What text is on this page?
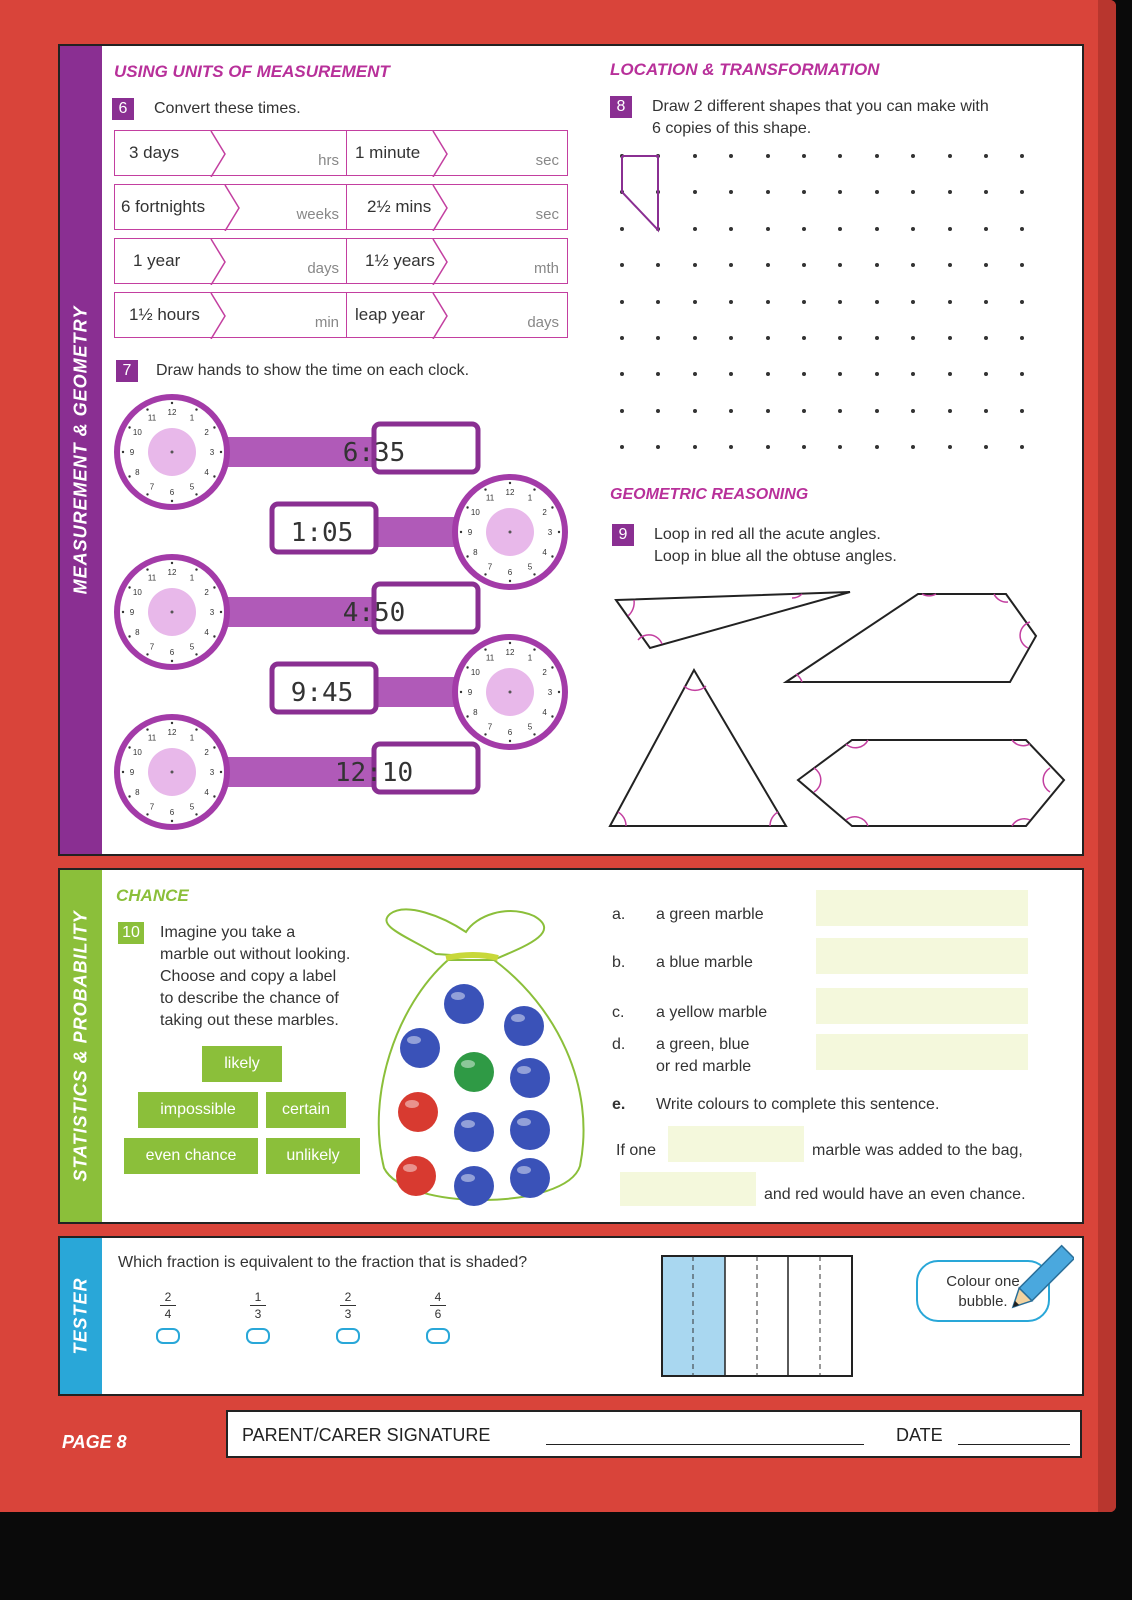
MEASUREMENT & GEOMETRY
USING UNITS OF MEASUREMENT
6	Convert these times.
3 days	hrs 1 minute	sec
6 fortnights	weeks	2½ mins	sec
1 year	days	1½ years	mth
1½ hours	min leap year	days
7	Draw hands to show the time on each clock.
12
1
2
3
4
5
6
7
8
9
10
11
12
1
2
3
4
5
6
7
8
9
10
11
12
1
2
3
4
5
6
7
8
9
10
11
12
1
2
3
4
5
6
7
8
9
10
11
12
1
2
3
4
5
6
7
8
9
10
11
6:35
1:05
4:50
9:45
12:10
LOCATION & TRANSFORMATION
8	Draw 2 different shapes that you can make with
6 copies of this shape.
GEOMETRIC REASONING
9	Loop in red all the acute angles.
Loop in blue all the obtuse angles.
STATISTICS & PROBABILITY
CHANCE
10 Imagine you take a
marble out without looking.
Choose and copy a label
to describe the chance of
taking out these marbles.
likely
impossible	certain
even chance	unlikely
a. a green marble
b. a blue marble
c. a yellow marble
d. a green, blue
or red marble
e. Write colours to complete this sentence.
If one	marble was added to the bag,
and red would have an even chance.
TESTER
Which fraction is equivalent to the fraction that is shaded?
2
4
1
3
2
3
4
6
Colour one
bubble.
PAGE 8	PARENT/CARER SIGNATURE	DATE
